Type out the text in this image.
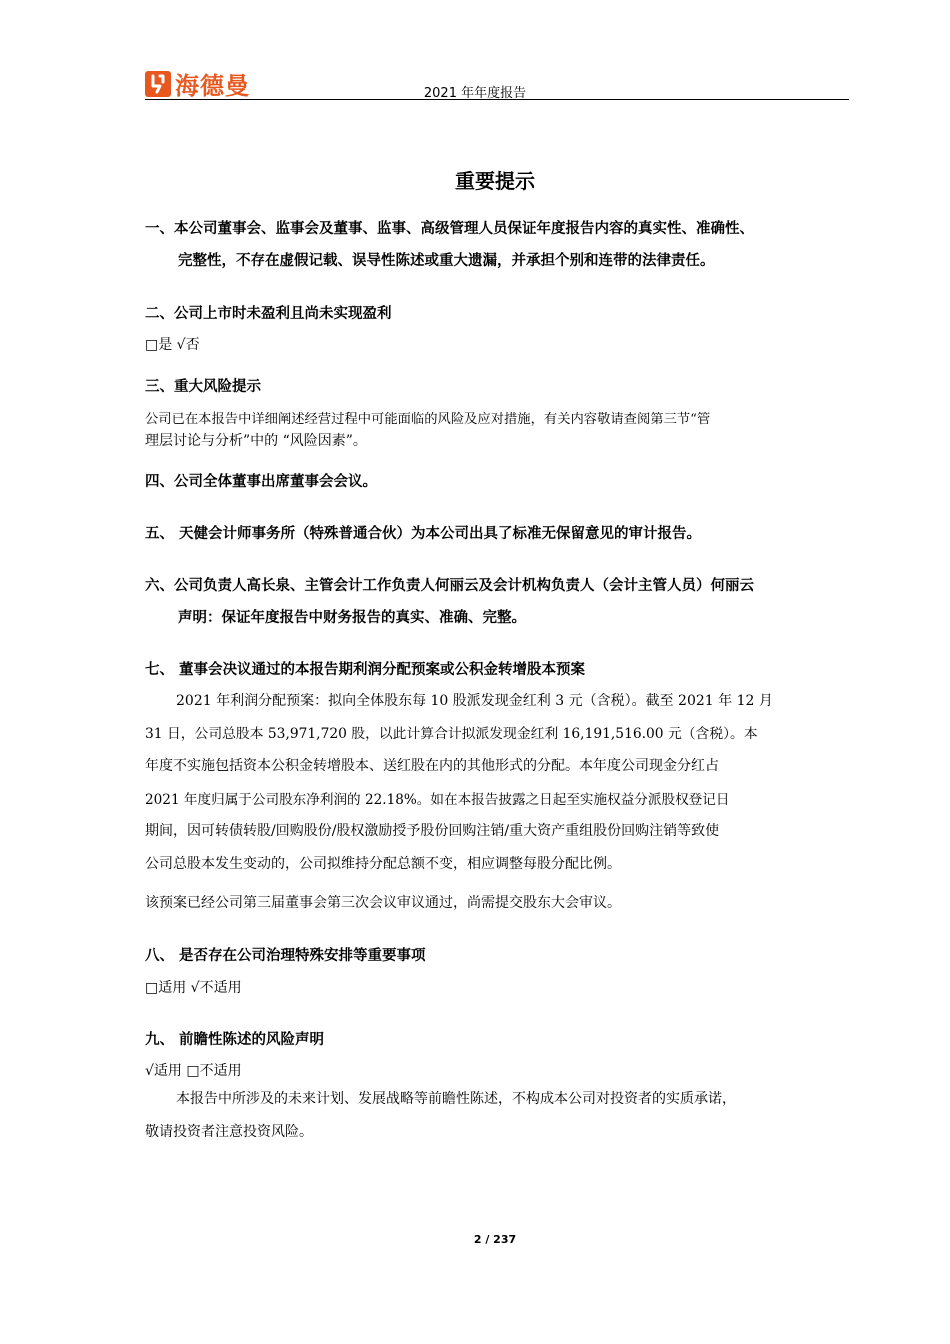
海德曼	2021 年年度报告
重要提示
一、本公司董事会、监事会及董事、监事、高级管理人员保证年度报告内容的真实性、准确性、
完整性，不存在虚假记载、误导性陈述或重大遗漏，并承担个别和连带的法律责任。
二、公司上市时未盈利且尚未实现盈利
□是 √否
三、重大风险提示
公司已在本报告中详细阐述经营过程中可能面临的风险及应对措施，有关内容敬请查阅第三节“管
理层讨论与分析”中的 “风险因素”。
四、公司全体董事出席董事会会议。
五、 天健会计师事务所（特殊普通合伙）为本公司出具了标准无保留意见的审计报告。
六、公司负责人高长泉、主管会计工作负责人何丽云及会计机构负责人（会计主管人员）何丽云
声明：保证年度报告中财务报告的真实、准确、完整。
七、 董事会决议通过的本报告期利润分配预案或公积金转增股本预案
2021 年利润分配预案：拟向全体股东每 10 股派发现金红利 3 元（含税）。截至 2021 年 12 月
31 日，公司总股本 53,971,720 股，以此计算合计拟派发现金红利 16,191,516.00 元（含税）。本
年度不实施包括资本公积金转增股本、送红股在内的其他形式的分配。本年度公司现金分红占
2021 年度归属于公司股东净利润的 22.18%。如在本报告披露之日起至实施权益分派股权登记日
期间，因可转债转股/回购股份/股权激励授予股份回购注销/重大资产重组股份回购注销等致使
公司总股本发生变动的，公司拟维持分配总额不变，相应调整每股分配比例。
该预案已经公司第三届董事会第三次会议审议通过，尚需提交股东大会审议。
八、 是否存在公司治理特殊安排等重要事项
□适用 √不适用
九、 前瞻性陈述的风险声明
√适用 □不适用
本报告中所涉及的未来计划、发展战略等前瞻性陈述，不构成本公司对投资者的实质承诺，
敬请投资者注意投资风险。
2 / 237
